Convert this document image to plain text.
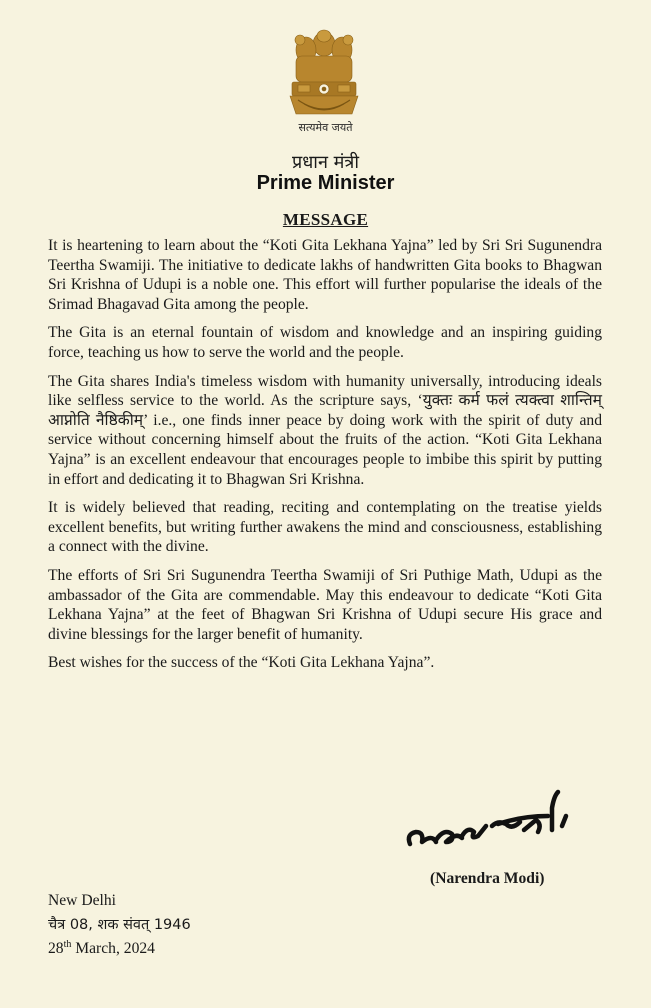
सत्यमेव जयते
प्रधान मंत्री
Prime Minister
MESSAGE

It is heartening to learn about the “Koti Gita Lekhana Yajna” led by Sri Sri Sugunendra Teertha Swamiji. The initiative to dedicate lakhs of handwritten Gita books to Bhagwan Sri Krishna of Udupi is a noble one. This effort will further popularise the ideals of the Srimad Bhagavad Gita among the people.

The Gita is an eternal fountain of wisdom and knowledge and an inspiring guiding force, teaching us how to serve the world and the people.

The Gita shares India's timeless wisdom with humanity universally, introducing ideals like selfless service to the world. As the scripture says, ‘युक्तः कर्म फलं त्यक्त्वा शान्तिम् आप्नोति नैष्ठिकीम्’ i.e., one finds inner peace by doing work with the spirit of duty and service without concerning himself about the fruits of the action. “Koti Gita Lekhana Yajna” is an excellent endeavour that encourages people to imbibe this spirit by putting in effort and dedicating it to Bhagwan Sri Krishna.

It is widely believed that reading, reciting and contemplating on the treatise yields excellent benefits, but writing further awakens the mind and consciousness, establishing a connect with the divine.

The efforts of Sri Sri Sugunendra Teertha Swamiji of Sri Puthige Math, Udupi as the ambassador of the Gita are commendable. May this endeavour to dedicate “Koti Gita Lekhana Yajna” at the feet of Bhagwan Sri Krishna of Udupi secure His grace and divine blessings for the larger benefit of humanity.

Best wishes for the success of the “Koti Gita Lekhana Yajna”.

(Narendra Modi)
New Delhi
चैत्र 08, शक संवत् 1946
28th March, 2024
